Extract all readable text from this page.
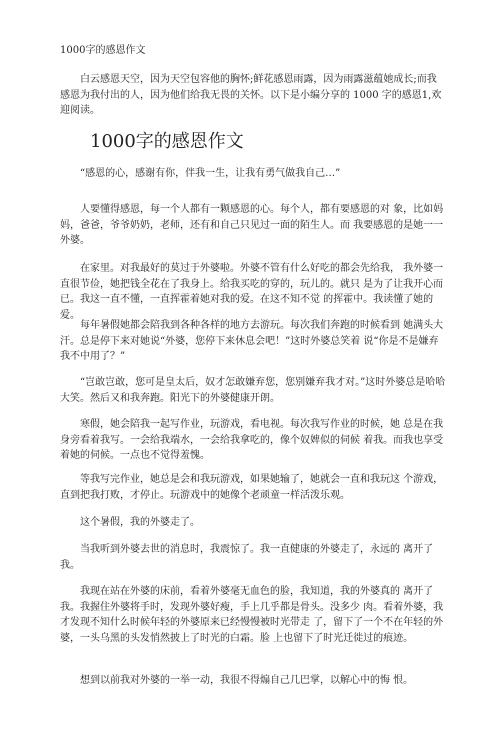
1000字的感恩作文
白云感恩天空，因为天空包容他的胸怀;鲜花感恩雨露，因为雨露滋蕴她成长;而我感恩为我付出的人，因为他们给我无畏的关怀。以下是小编分享的 1000 字的感恩1,欢迎阅读。
1000字的感恩作文
“感恩的心，感谢有你，伴我一生，让我有勇气做我自己…”
人要懂得感恩，每一个人都有一颗感恩的心。每个人，都有要感恩的对 象，比如妈妈，爸爸，爷爷奶奶，老师，还有和自己只见过一面的陌生人。而 我要感恩的是她一一外婆。
在家里。对我最好的莫过于外婆啦。外婆不管有什么好吃的都会先给我， 我外婆一直很节俭，她把钱全花在了我身上。给我买吃的穿的，玩儿的。就只 是为了让我开心而已。我这一直不懂，一直挥霍着她对我的爱。在这不知不觉 的挥霍中。我读懂了她的爱。
每年暑假她都会陪我到各种各样的地方去游玩。每次我们奔跑的时候看到 她满头大汗。总是停下来对她说“外婆，您停下来休息会吧！”这时外婆总笑着 说“你是不是嫌弃我不中用了？”
“岂敢岂敢，您可是皇太后，奴才怎敢嫌弃您，您别嫌弃我才对。”这时外婆总是哈哈大笑。然后又和我奔跑。阳光下的外婆健康开朗。
寒假，她会陪我一起写作业，玩游戏，看电视。每次我写作业的时候，她 总是在我身旁看着我写。一会给我端水，一会给我拿吃的，像个奴婢似的伺候 着我。而我也享受着她的伺候。一点也不觉得羞愧。
等我写完作业，她总是会和我玩游戏，如果她输了，她就会一直和我玩这 个游戏，直到把我打败，才停止。玩游戏中的她像个老顽童一样活泼乐观。
这个暑假，我的外婆走了。
当我听到外婆去世的消息时，我震惊了。我一直健康的外婆走了，永远的 离开了我。
我现在站在外婆的床前，看着外婆毫无血色的脸，我知道，我的外婆真的 离开了我。我握住外婆将手时，发现外婆好瘦，手上几乎都是骨头。没多少 肉。看着外婆，我才发现不知什么时候年轻的外婆原来已经慢慢被时光带走 了，留下了一个不在年轻的外婆，一头乌黑的头发悄然披上了时光的白霜。脸 上也留下了时光迁徙过的痕迹。
想到以前我对外婆的一举一动，我很不得煽自己几巴掌，以解心中的悔 恨。
